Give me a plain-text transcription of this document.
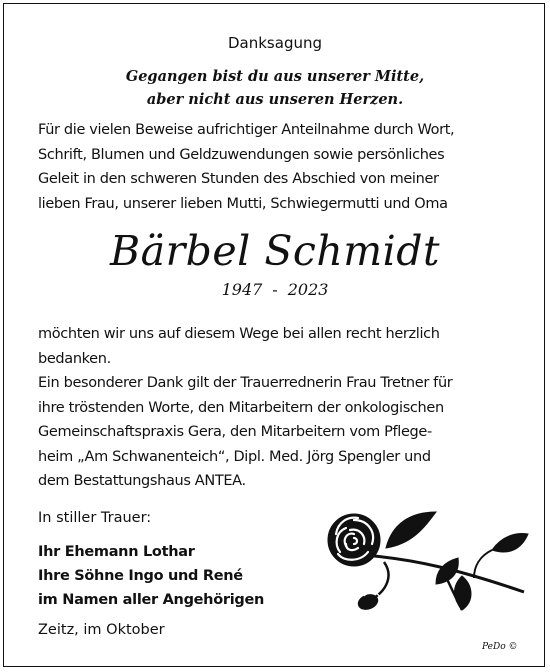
Danksagung
Gegangen bist du aus unserer Mitte,
aber nicht aus unseren Herzen.
Für die vielen Beweise aufrichtiger Anteilnahme durch Wort,
Schrift, Blumen und Geldzuwendungen sowie persönliches
Geleit in den schweren Stunden des Abschied von meiner
lieben Frau, unserer lieben Mutti, Schwiegermutti und Oma
Bärbel Schmidt
1947 - 2023
möchten wir uns auf diesem Wege bei allen recht herzlich
bedanken.
Ein besonderer Dank gilt der Trauerrednerin Frau Tretner für
ihre tröstenden Worte, den Mitarbeitern der onkologischen
Gemeinschaftspraxis Gera, den Mitarbeitern vom Pflege-
heim „Am Schwanenteich“, Dipl. Med. Jörg Spengler und
dem Bestattungshaus ANTEA.
In stiller Trauer:
Ihr Ehemann Lothar
Ihre Söhne Ingo und René
im Namen aller Angehörigen
Zeitz, im Oktober
PeDo ©
